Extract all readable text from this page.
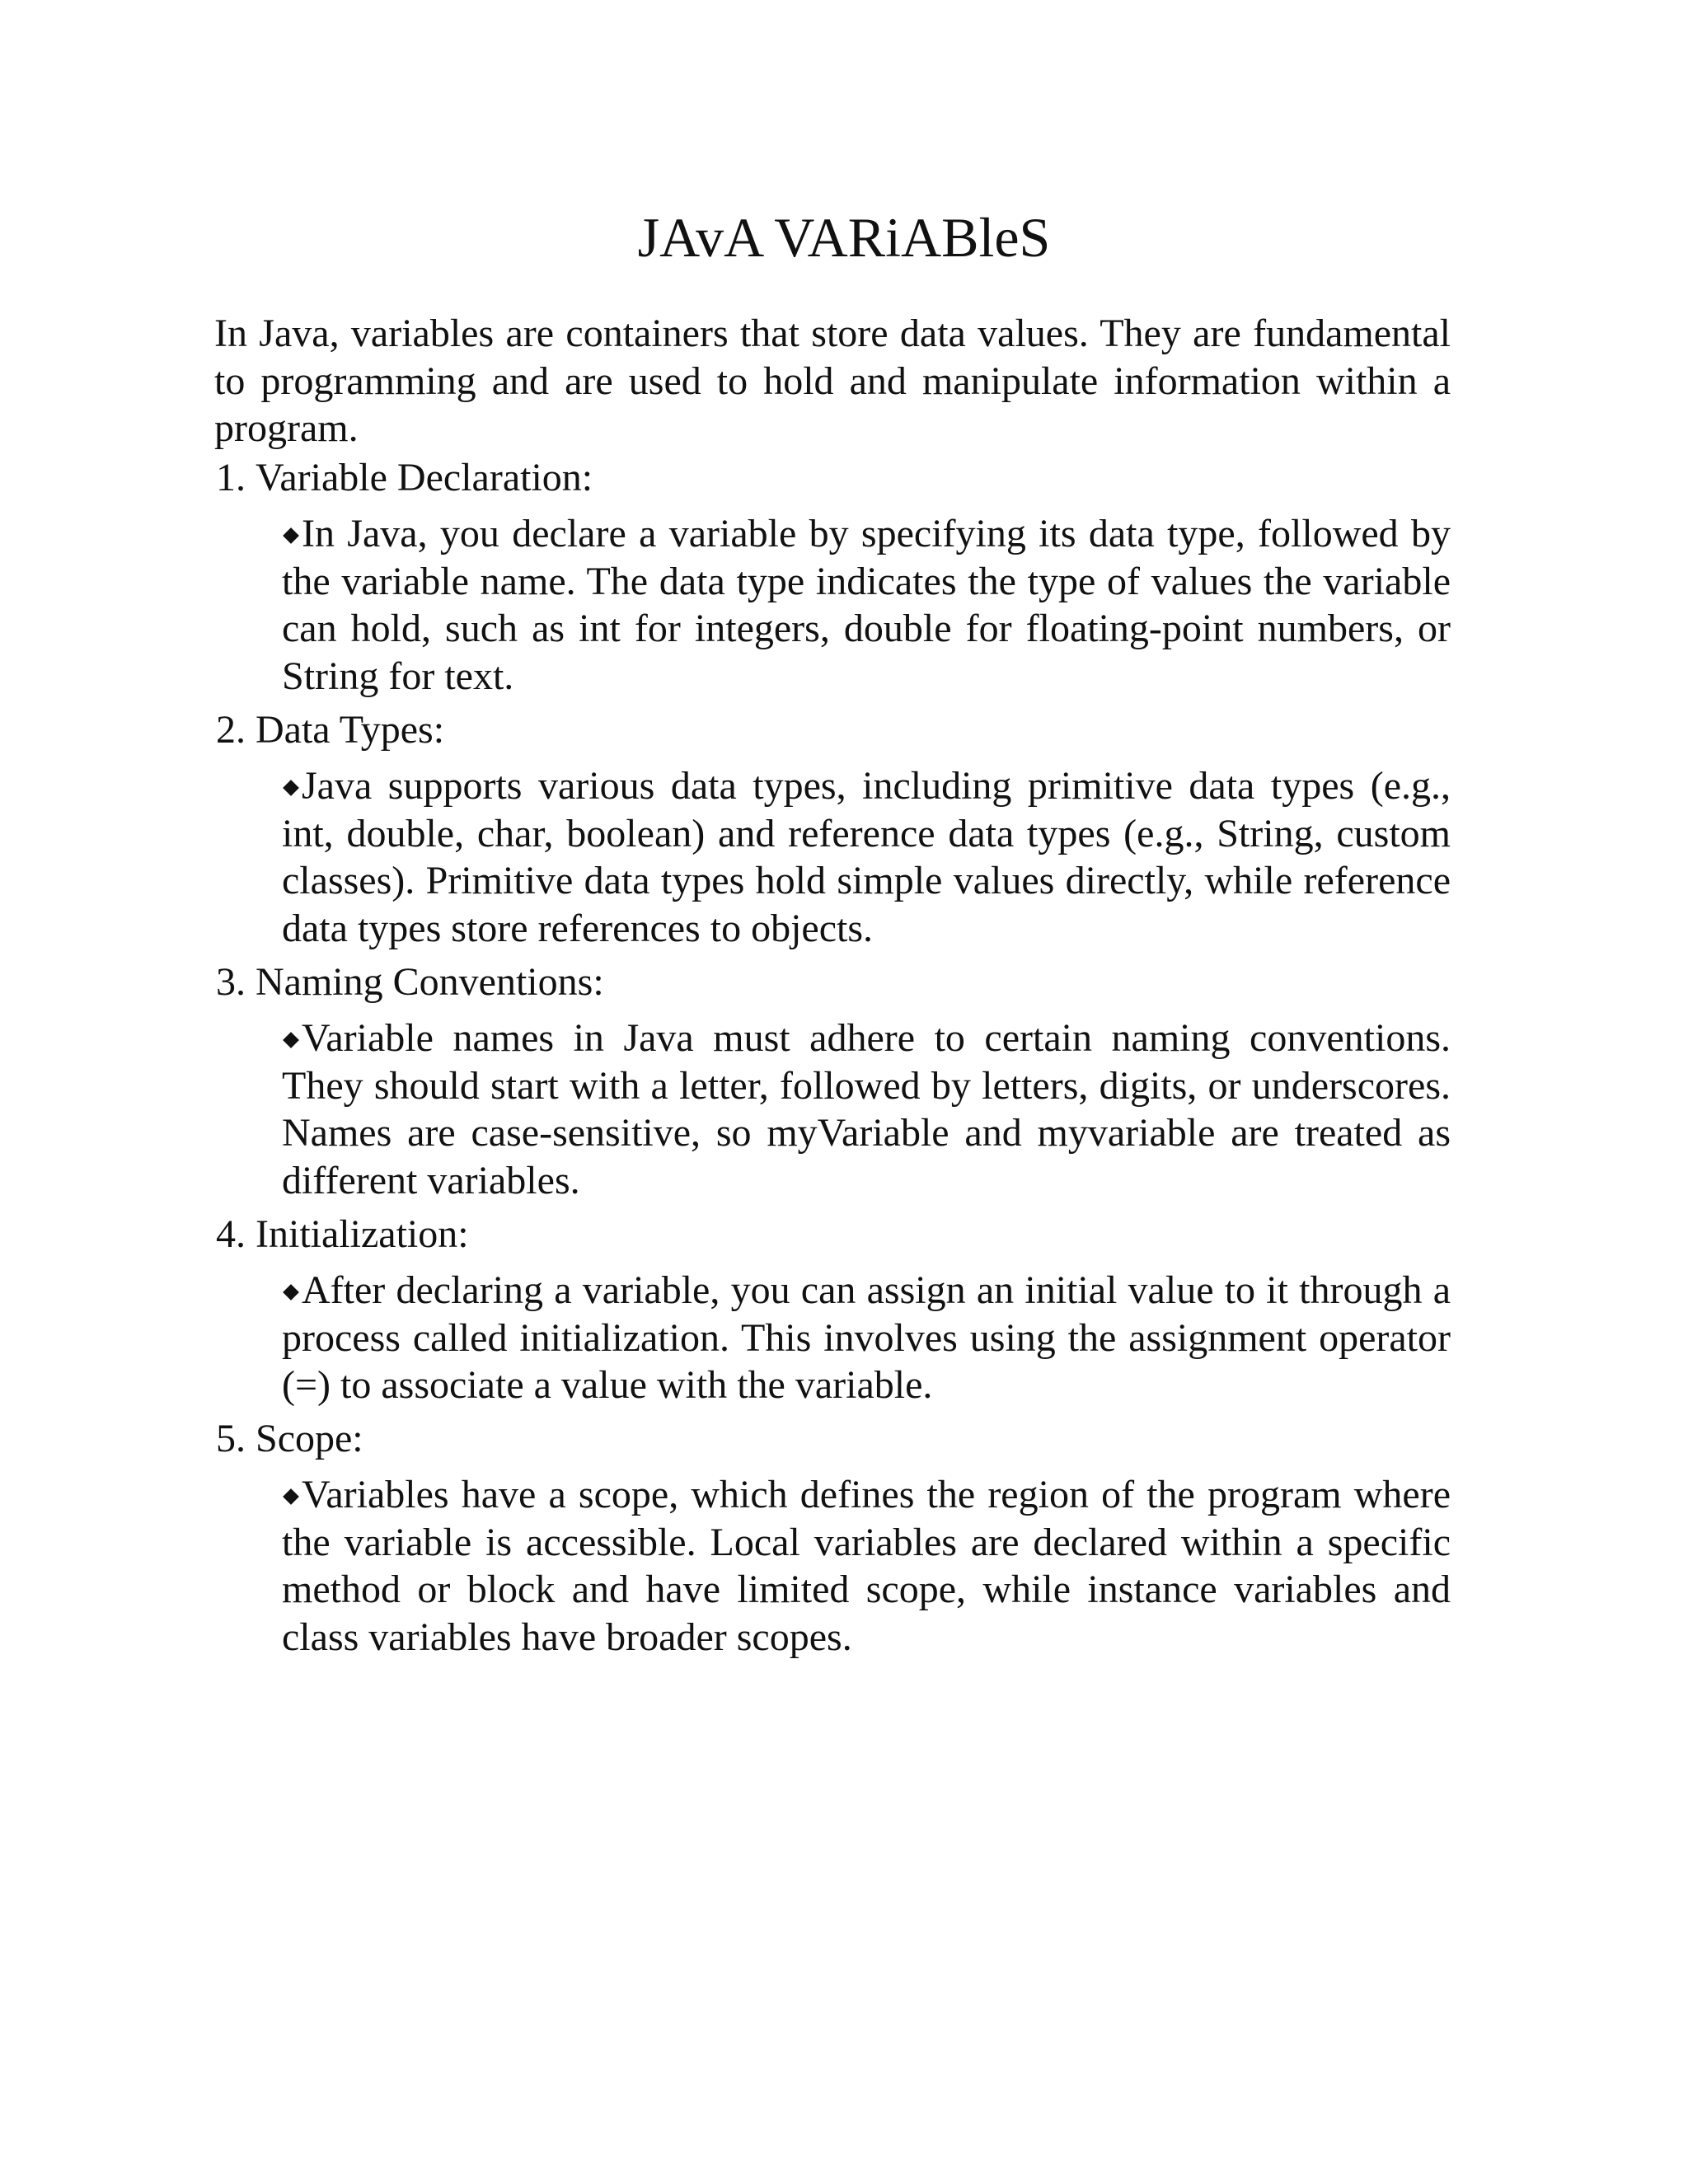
JAvA VARiABleS

In Java, variables are containers that store data values. They are fundamental to programming and are used to hold and manipulate information within a program.

1. Variable Declaration:

In Java, you declare a variable by specifying its data type, followed by the variable name. The data type indicates the type of values the variable can hold, such as int for integers, double for floating-point numbers, or String for text.

2. Data Types:

Java supports various data types, including primitive data types (e.g., int, double, char, boolean) and reference data types (e.g., String, custom classes). Primitive data types hold simple values directly, while reference data types store references to objects.

3. Naming Conventions:

Variable names in Java must adhere to certain naming conventions. They should start with a letter, followed by letters, digits, or underscores. Names are case-sensitive, so myVariable and myvariable are treated as different variables.

4. Initialization:

After declaring a variable, you can assign an initial value to it through a process called initialization. This involves using the assignment operator (=) to associate a value with the variable.

5. Scope:

Variables have a scope, which defines the region of the program where the variable is accessible. Local variables are declared within a specific method or block and have limited scope, while instance variables and class variables have broader scopes.
